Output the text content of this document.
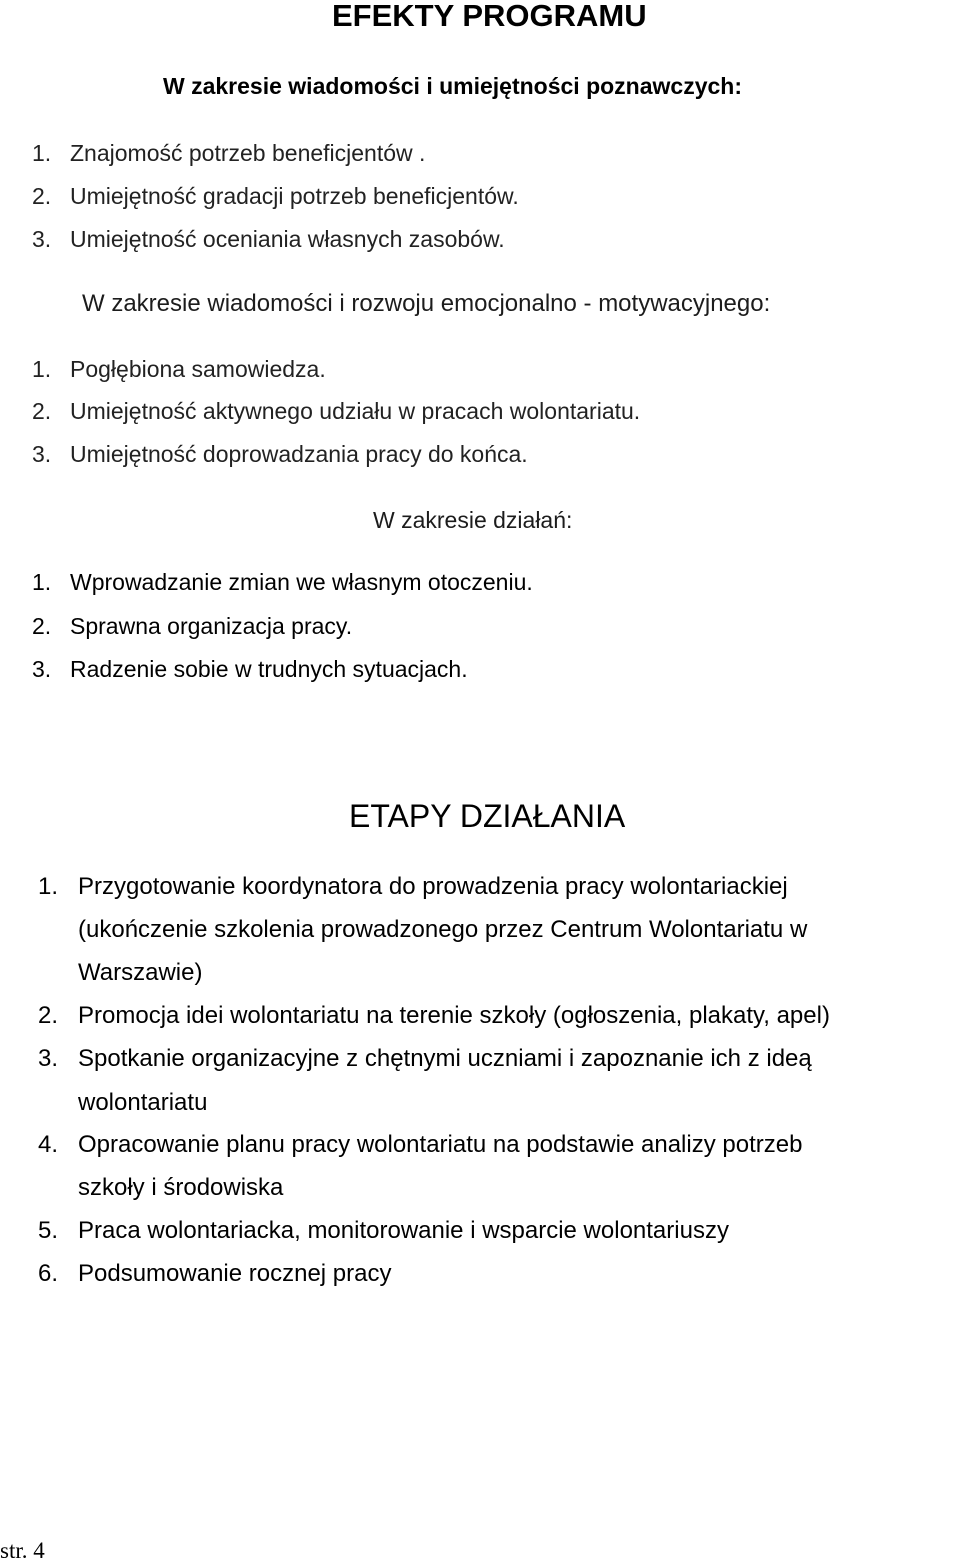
EFEKTY PROGRAMU
W zakresie wiadomości i umiejętności poznawczych:
1. Znajomość potrzeb beneficjentów .
2. Umiejętność gradacji potrzeb beneficjentów.
3. Umiejętność oceniania własnych zasobów.
W zakresie wiadomości i rozwoju emocjonalno - motywacyjnego:
1. Pogłębiona samowiedza.
2. Umiejętność aktywnego udziału w pracach wolontariatu.
3. Umiejętność doprowadzania pracy do końca.
W zakresie działań:
1. Wprowadzanie zmian we własnym otoczeniu.
2. Sprawna organizacja pracy.
3. Radzenie sobie w trudnych sytuacjach.
ETAPY DZIAŁANIA
1. Przygotowanie koordynatora do prowadzenia pracy wolontariackiej
(ukończenie szkolenia prowadzonego przez Centrum Wolontariatu w
Warszawie)
2. Promocja idei wolontariatu na terenie szkoły (ogłoszenia, plakaty, apel)
3. Spotkanie organizacyjne z chętnymi uczniami i zapoznanie ich z ideą
wolontariatu
4. Opracowanie planu pracy wolontariatu na podstawie analizy potrzeb
szkoły i środowiska
5. Praca wolontariacka, monitorowanie i wsparcie wolontariuszy
6. Podsumowanie rocznej pracy
str. 4
